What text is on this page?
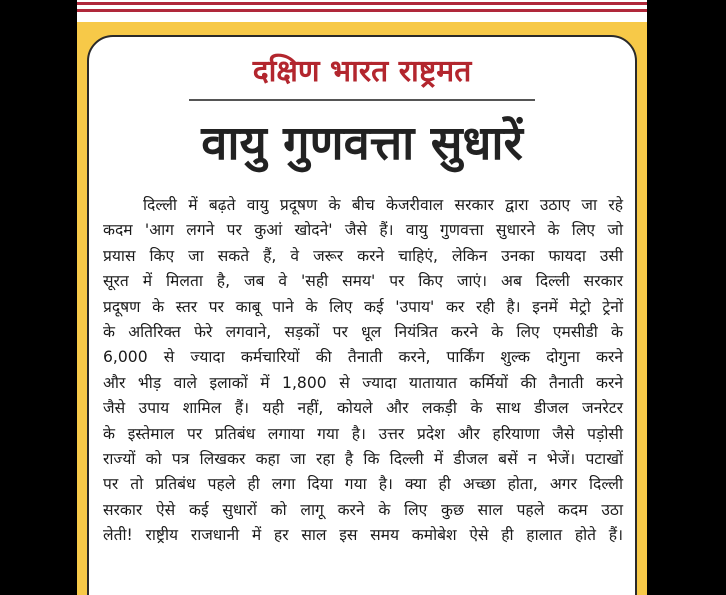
दक्षिण भारत राष्ट्रमत
वायु गुणवत्ता सुधारें
दिल्ली में बढ़ते वायु प्रदूषण के बीच केजरीवाल सरकार द्वारा उठाए जा रहे
कदम 'आग लगने पर कुआं खोदने' जैसे हैं। वायु गुणवत्ता सुधारने के लिए जो
प्रयास किए जा सकते हैं, वे जरूर करने चाहिएं, लेकिन उनका फायदा उसी
सूरत में मिलता है, जब वे 'सही समय' पर किए जाएं। अब दिल्ली सरकार
प्रदूषण के स्तर पर काबू पाने के लिए कई 'उपाय' कर रही है। इनमें मेट्रो ट्रेनों
के अतिरिक्त फेरे लगवाने, सड़कों पर धूल नियंत्रित करने के लिए एमसीडी के
6,000 से ज्यादा कर्मचारियों की तैनाती करने, पार्किंग शुल्क दोगुना करने
और भीड़ वाले इलाकों में 1,800 से ज्यादा यातायात कर्मियों की तैनाती करने
जैसे उपाय शामिल हैं। यही नहीं, कोयले और लकड़ी के साथ डीजल जनरेटर
के इस्तेमाल पर प्रतिबंध लगाया गया है। उत्तर प्रदेश और हरियाणा जैसे पड़ोसी
राज्यों को पत्र लिखकर कहा जा रहा है कि दिल्ली में डीजल बसें न भेजें। पटाखों
पर तो प्रतिबंध पहले ही लगा दिया गया है। क्या ही अच्छा होता, अगर दिल्ली
सरकार ऐसे कई सुधारों को लागू करने के लिए कुछ साल पहले कदम उठा
लेती! राष्ट्रीय राजधानी में हर साल इस समय कमोबेश ऐसे ही हालात होते हैं।
